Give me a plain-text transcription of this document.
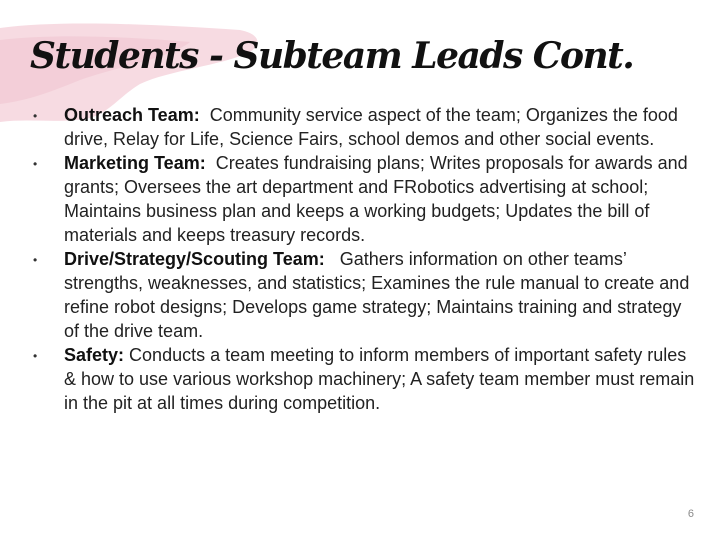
Students - Subteam Leads Cont.
• Outreach Team: Community service aspect of the team; Organizes the food drive, Relay for Life, Science Fairs, school demos and other social events.
• Marketing Team: Creates fundraising plans; Writes proposals for awards and grants; Oversees the art department and FRobotics advertising at school; Maintains business plan and keeps a working budgets; Updates the bill of materials and keeps treasury records.
• Drive/Strategy/Scouting Team: Gathers information on other teams’ strengths, weaknesses, and statistics; Examines the rule manual to create and refine robot designs; Develops game strategy; Maintains training and strategy of the drive team.
• Safety: Conducts a team meeting to inform members of important safety rules & how to use various workshop machinery; A safety team member must remain in the pit at all times during competition.
6
